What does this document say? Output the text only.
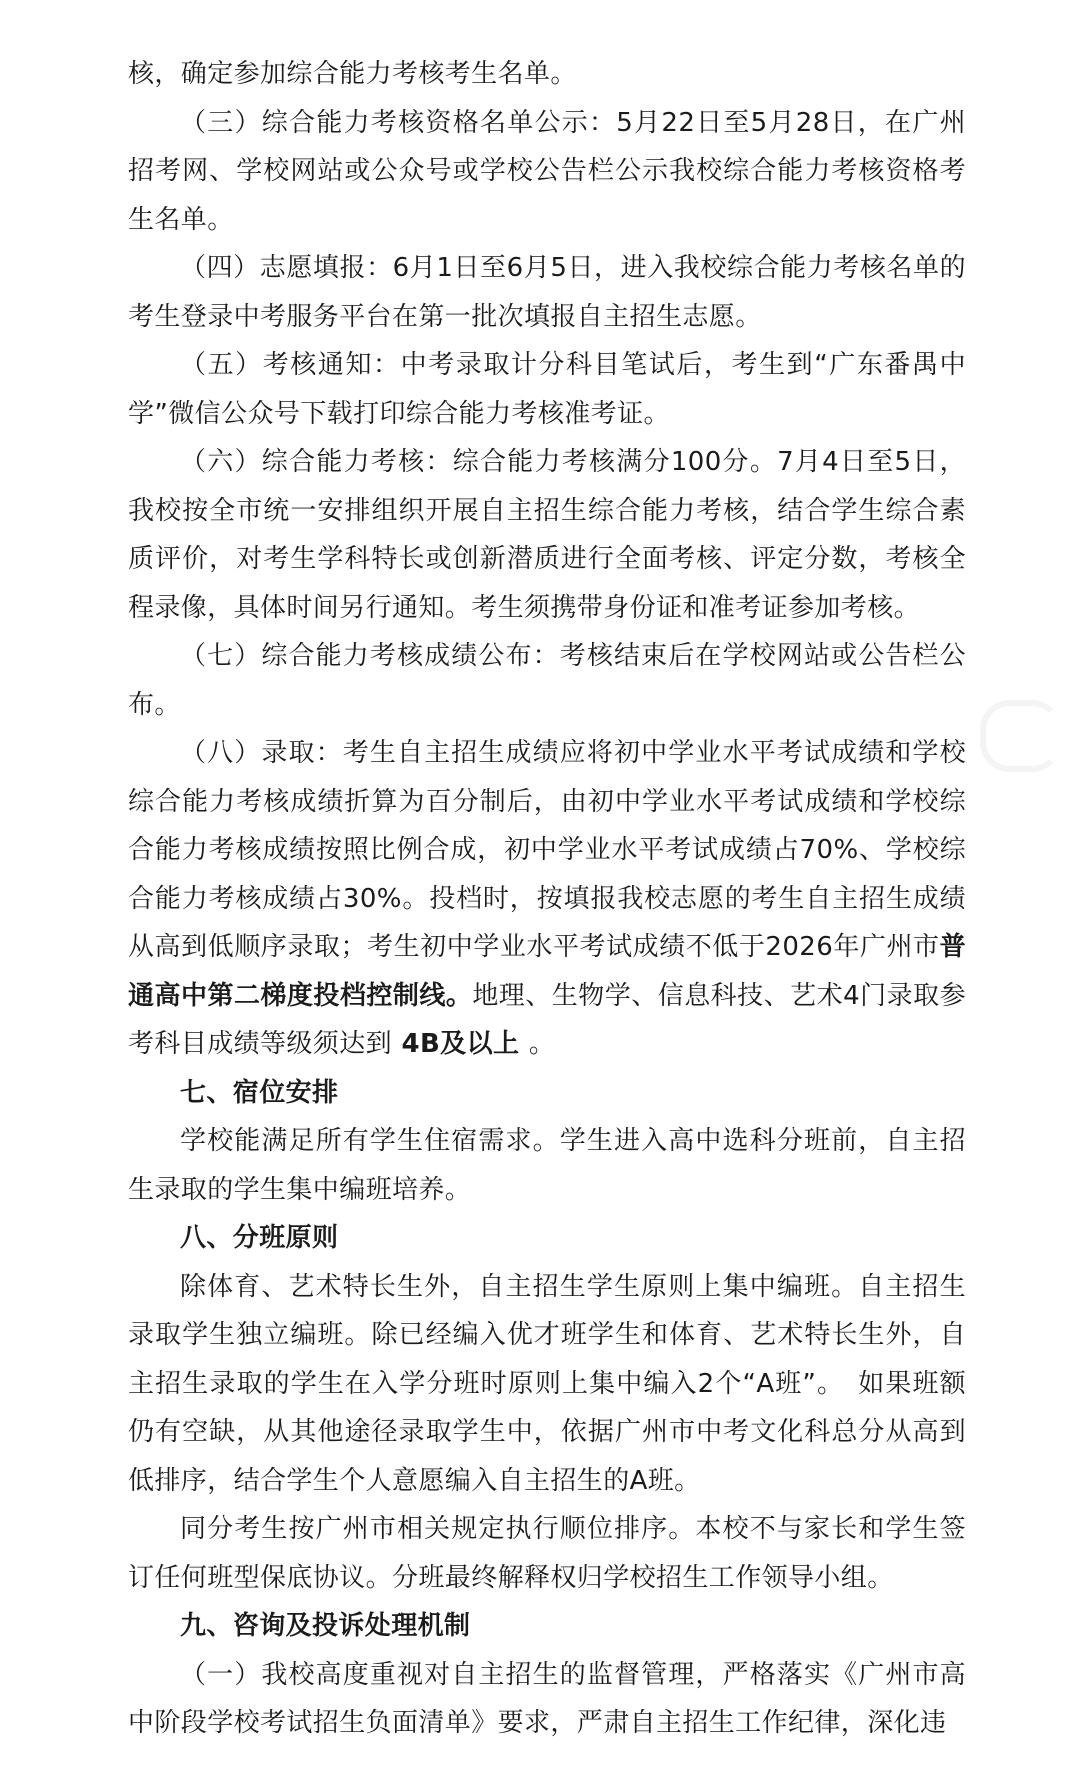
核，确定参加综合能力考核考生名单。

（三）综合能力考核资格名单公示：5月22日至5月28日，在广州招考网、学校网站或公众号或学校公告栏公示我校综合能力考核资格考生名单。

（四）志愿填报：6月1日至6月5日，进入我校综合能力考核名单的考生登录中考服务平台在第一批次填报自主招生志愿。

（五）考核通知：中考录取计分科目笔试后，考生到“广东番禺中学”微信公众号下载打印综合能力考核准考证。

（六）综合能力考核：综合能力考核满分100分。7月4日至5日，我校按全市统一安排组织开展自主招生综合能力考核，结合学生综合素质评价，对考生学科特长或创新潜质进行全面考核、评定分数，考核全程录像，具体时间另行通知。考生须携带身份证和准考证参加考核。

（七）综合能力考核成绩公布：考核结束后在学校网站或公告栏公布。

（八）录取：考生自主招生成绩应将初中学业水平考试成绩和学校综合能力考核成绩折算为百分制后，由初中学业水平考试成绩和学校综合能力考核成绩按照比例合成，初中学业水平考试成绩占70%、学校综合能力考核成绩占30%。投档时，按填报我校志愿的考生自主招生成绩从高到低顺序录取；考生初中学业水平考试成绩不低于2026年广州市普通高中第二梯度投档控制线。地理、生物学、信息科技、艺术4门录取参考科目成绩等级须达到 4B及以上 。

七、宿位安排

学校能满足所有学生住宿需求。学生进入高中选科分班前，自主招生录取的学生集中编班培养。

八、分班原则

除体育、艺术特长生外，自主招生学生原则上集中编班。自主招生录取学生独立编班。除已经编入优才班学生和体育、艺术特长生外，自主招生录取的学生在入学分班时原则上集中编入2个“A班”。　如果班额仍有空缺，从其他途径录取学生中，依据广州市中考文化科总分从高到低排序，结合学生个人意愿编入自主招生的A班。

同分考生按广州市相关规定执行顺位排序。本校不与家长和学生签订任何班型保底协议。分班最终解释权归学校招生工作领导小组。

九、咨询及投诉处理机制

（一）我校高度重视对自主招生的监督管理，严格落实《广州市高中阶段学校考试招生负面清单》要求，严肃自主招生工作纪律，深化违
